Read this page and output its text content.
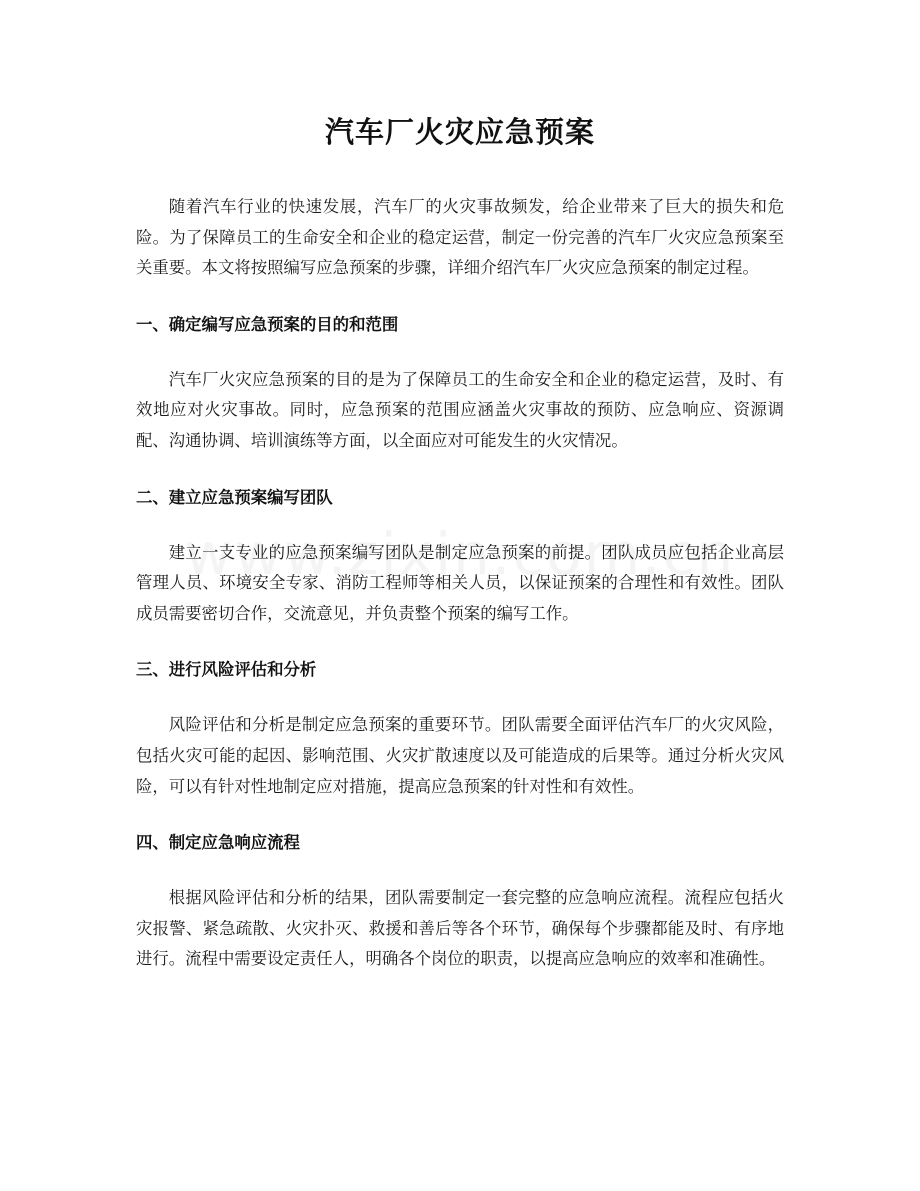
汽车厂火灾应急预案

随着汽车行业的快速发展，汽车厂的火灾事故频发，给企业带来了巨大的损失和危险。为了保障员工的生命安全和企业的稳定运营，制定一份完善的汽车厂火灾应急预案至关重要。本文将按照编写应急预案的步骤，详细介绍汽车厂火灾应急预案的制定过程。

一、确定编写应急预案的目的和范围

汽车厂火灾应急预案的目的是为了保障员工的生命安全和企业的稳定运营，及时、有效地应对火灾事故。同时，应急预案的范围应涵盖火灾事故的预防、应急响应、资源调配、沟通协调、培训演练等方面，以全面应对可能发生的火灾情况。

二、建立应急预案编写团队

建立一支专业的应急预案编写团队是制定应急预案的前提。团队成员应包括企业高层管理人员、环境安全专家、消防工程师等相关人员，以保证预案的合理性和有效性。团队成员需要密切合作，交流意见，并负责整个预案的编写工作。

三、进行风险评估和分析

风险评估和分析是制定应急预案的重要环节。团队需要全面评估汽车厂的火灾风险，包括火灾可能的起因、影响范围、火灾扩散速度以及可能造成的后果等。通过分析火灾风险，可以有针对性地制定应对措施，提高应急预案的针对性和有效性。

四、制定应急响应流程

根据风险评估和分析的结果，团队需要制定一套完整的应急响应流程。流程应包括火灾报警、紧急疏散、火灾扑灭、救援和善后等各个环节，确保每个步骤都能及时、有序地进行。流程中需要设定责任人，明确各个岗位的职责，以提高应急响应的效率和准确性。
